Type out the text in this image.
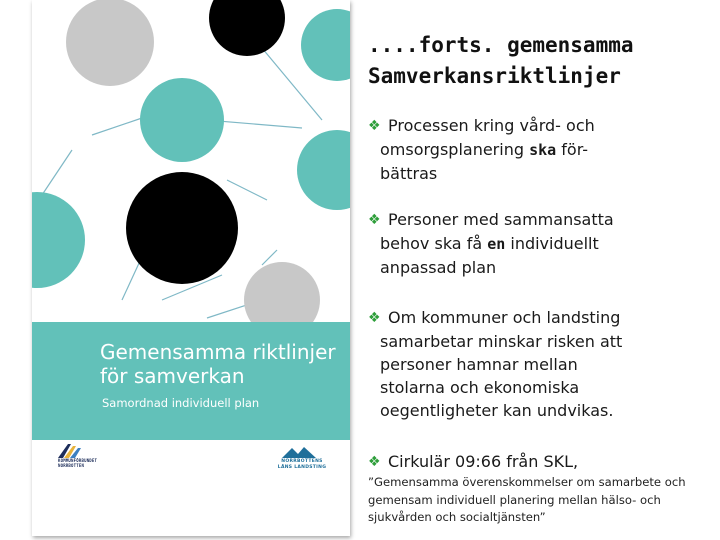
Gemensamma riktlinjer
för samverkan
Samordnad individuell plan
KOMMUNFÖRBUNDET
NORRBOTTEN
NORRBOTTENS
LÄNS LANDSTING
....forts. gemensamma
Samverkansriktlinjer
❖ Processen kring vård- och
omsorgsplanering ska för-
bättras
❖ Personer med sammansatta
behov ska få en individuellt
anpassad plan
❖ Om kommuner och landsting
samarbetar minskar risken att
personer hamnar mellan
stolarna och ekonomiska
oegentligheter kan undvikas.
❖ Cirkulär 09:66 från SKL,
”Gemensamma överenskommelser om samarbete och
gemensam individuell planering mellan hälso- och
sjukvården och socialtjänsten”
